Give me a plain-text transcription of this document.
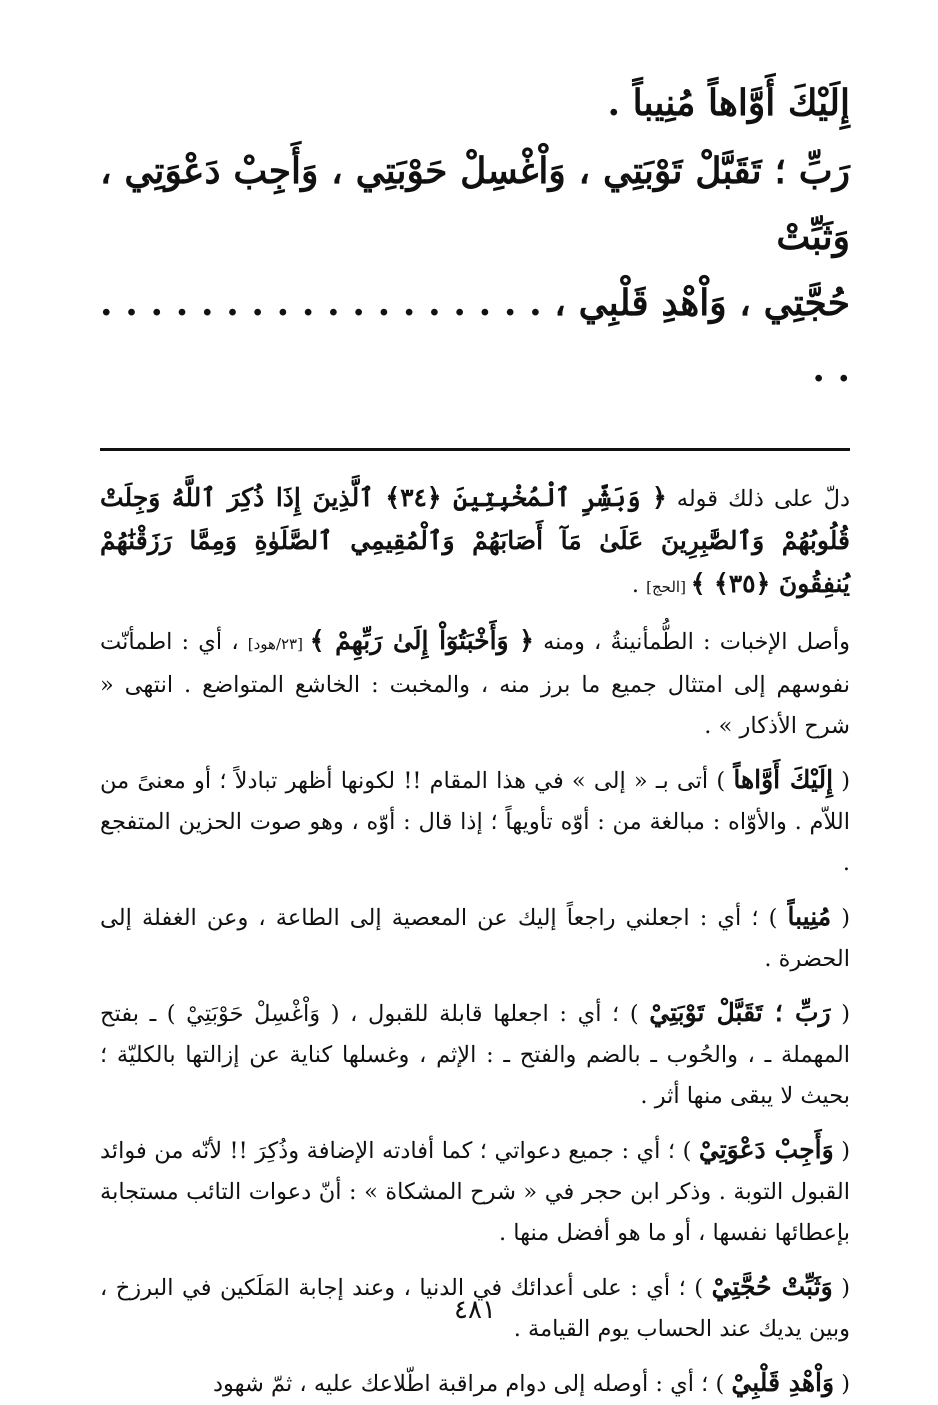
إِلَيْكَ أَوَّاهاً مُنِيباً .

رَبِّ ؛ تَقَبَّلْ تَوْبَتِي ، وَاْغْسِلْ حَوْبَتِي ، وَأَجِبْ دَعْوَتِي ، وَثَبِّتْ

حُجَّتِي ، وَاْهْدِ قَلْبِي ، . . . . . . . . . . . . . . . . . . . .

دلّ على ذلك قوله ﴿ وَبَشِّرِ ٱلْمُخْبِتِينَ ﴿٣٤﴾ ٱلَّذِينَ إِذَا ذُكِرَ ٱللَّهُ وَجِلَتْ قُلُوبُهُمْ وَٱلصَّٰبِرِينَ عَلَىٰ مَآ أَصَابَهُمْ وَٱلْمُقِيمِي ٱلصَّلَوٰةِ وَمِمَّا رَزَقْنَٰهُمْ يُنفِقُونَ ﴿٣٥﴾ ﴾ [الحج] .

وأصل الإخبات : الطُّمأنينةُ ، ومنه ﴿ وَأَخْبَتُوٓاْ إِلَىٰ رَبِّهِمْ ﴾ [٢٣/هود] ، أي : اطمأنّت نفوسهم إلى امتثال جميع ما برز منه ، والمخبت : الخاشع المتواضع . انتهى « شرح الأذكار » .

( إِلَيْكَ أَوَّاهاً ) أتى بـ « إلى » في هذا المقام !! لكونها أظهر تبادلاً ؛ أو معنىً من اللاّم . والأوّاه : مبالغة من : أوّه تأويهاً ؛ إذا قال : أوّه ، وهو صوت الحزين المتفجع .

( مُنِيباً ) ؛ أي : اجعلني راجعاً إليك عن المعصية إلى الطاعة ، وعن الغفلة إلى الحضرة .

( رَبِّ ؛ تَقَبَّلْ تَوْبَتِيْ ) ؛ أي : اجعلها قابلة للقبول ، ( وَاْغْسِلْ حَوْبَتِيْ ) ـ بفتح المهملة ـ ، والحُوب ـ بالضم والفتح ـ : الإثم ، وغسلها كناية عن إزالتها بالكليّة ؛ بحيث لا يبقى منها أثر .

( وَأَجِبْ دَعْوَتِيْ ) ؛ أي : جميع دعواتي ؛ كما أفادته الإضافة وذُكِرَ !! لأنّه من فوائد القبول التوبة . وذكر ابن حجر في « شرح المشكاة » : أنّ دعوات التائب مستجابة بإعطائها نفسها ، أو ما هو أفضل منها .

( وَثَبِّتْ حُجَّتِيْ ) ؛ أي : على أعدائك في الدنيا ، وعند إجابة المَلَكين في البرزخ ، وبين يديك عند الحساب يوم القيامة .

( وَاْهْدِ قَلْبِيْ ) ؛ أي : أوصله إلى دوام مراقبة اطّلاعك عليه ، ثمّ شهود

٤٨١
